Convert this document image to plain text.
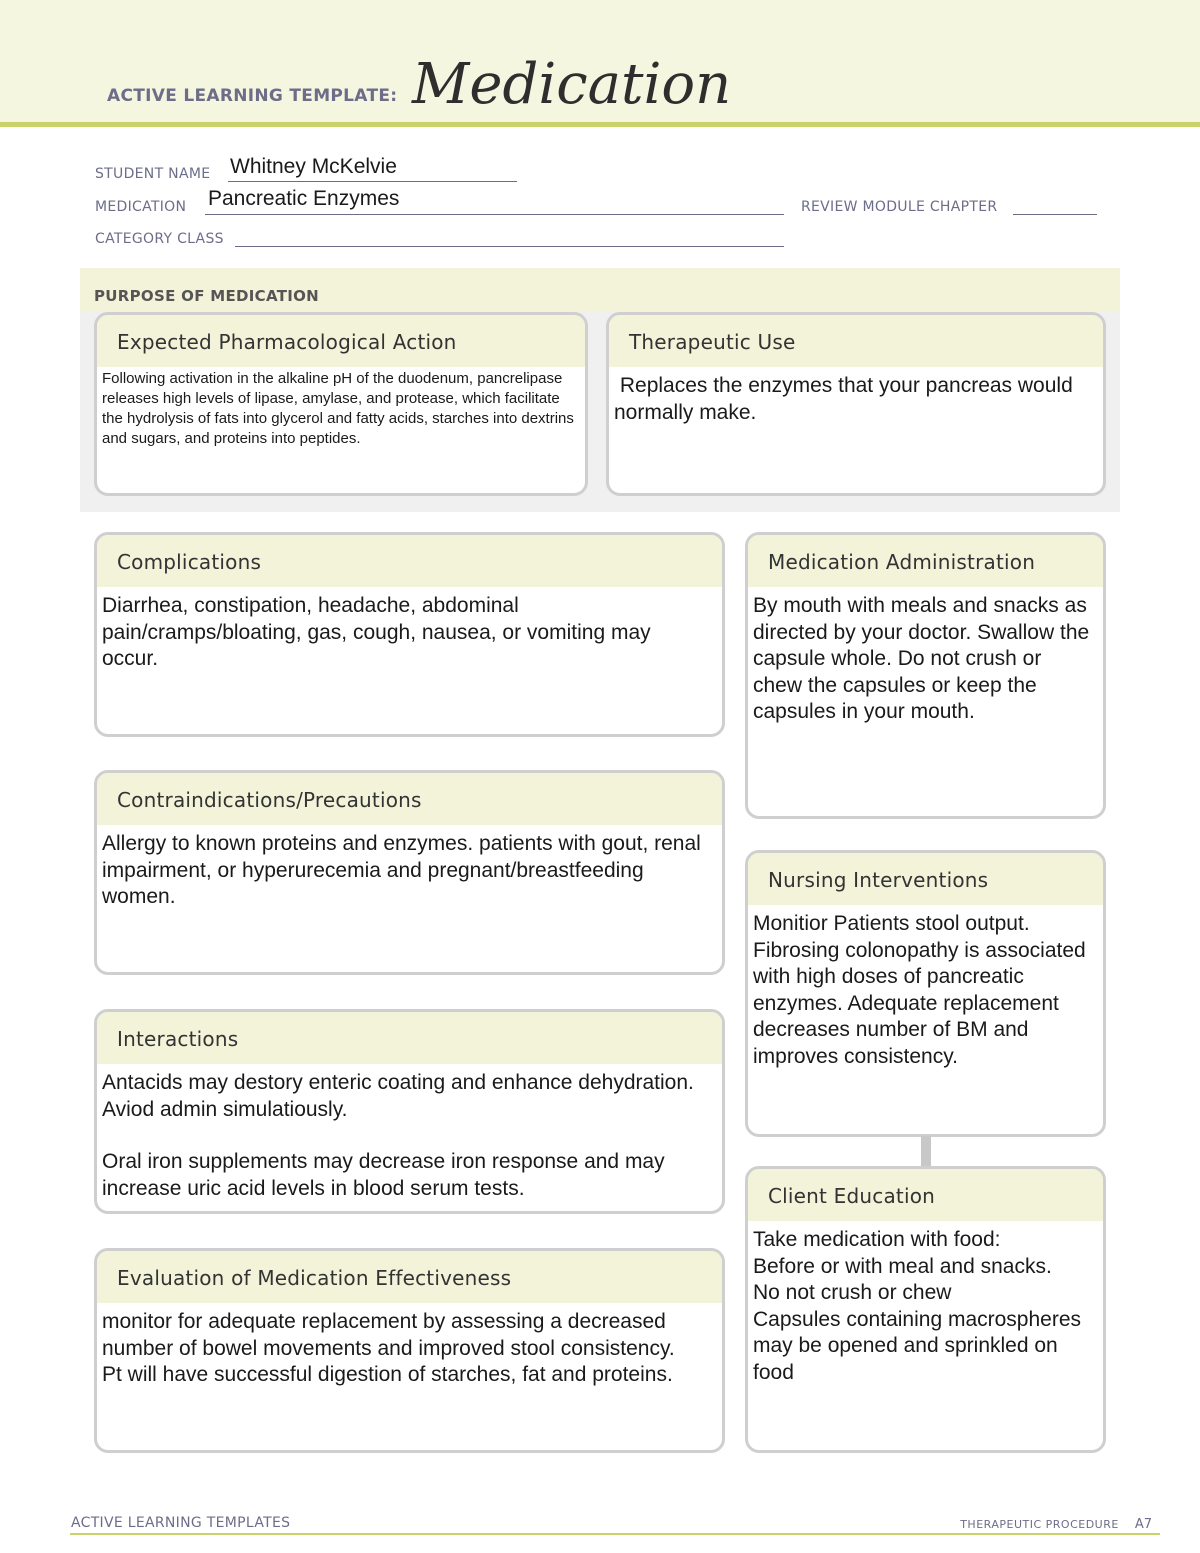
ACTIVE LEARNING TEMPLATE: Medication
STUDENT NAME Whitney McKelvie
MEDICATION Pancreatic Enzymes	REVIEW MODULE CHAPTER
CATEGORY CLASS
PURPOSE OF MEDICATION
Expected Pharmacological Action
Following activation in the alkaline pH of the duodenum, pancrelipase releases high levels of lipase, amylase, and protease, which facilitate the hydrolysis of fats into glycerol and fatty acids, starches into dextrins and sugars, and proteins into peptides.
Therapeutic Use
Replaces the enzymes that your pancreas would normally make.
Complications
Diarrhea, constipation, headache, abdominal pain/cramps/bloating, gas, cough, nausea, or vomiting may occur.
Contraindications/Precautions
Allergy to known proteins and enzymes. patients with gout, renal impairment, or hyperurecemia and pregnant/breastfeeding women.
Interactions
Antacids may destory enteric coating and enhance dehydration. Aviod admin simulatiously.
Oral iron supplements may decrease iron response and may increase uric acid levels in blood serum tests.
Evaluation of Medication Effectiveness
monitor for adequate replacement by assessing a decreased number of bowel movements and improved stool consistency.
Pt will have successful digestion of starches, fat and proteins.
Medication Administration
By mouth with meals and snacks as directed by your doctor. Swallow the capsule whole. Do not crush or chew the capsules or keep the capsules in your mouth.
Nursing Interventions
Monitior Patients stool output. Fibrosing colonopathy is associated with high doses of pancreatic enzymes. Adequate replacement decreases number of BM and improves consistency.
Client Education
Take medication with food:
Before or with meal and snacks.
No not crush or chew
Capsules containing macrospheres may be opened and sprinkled on food
ACTIVE LEARNING TEMPLATES	THERAPEUTIC PROCEDURE A7
